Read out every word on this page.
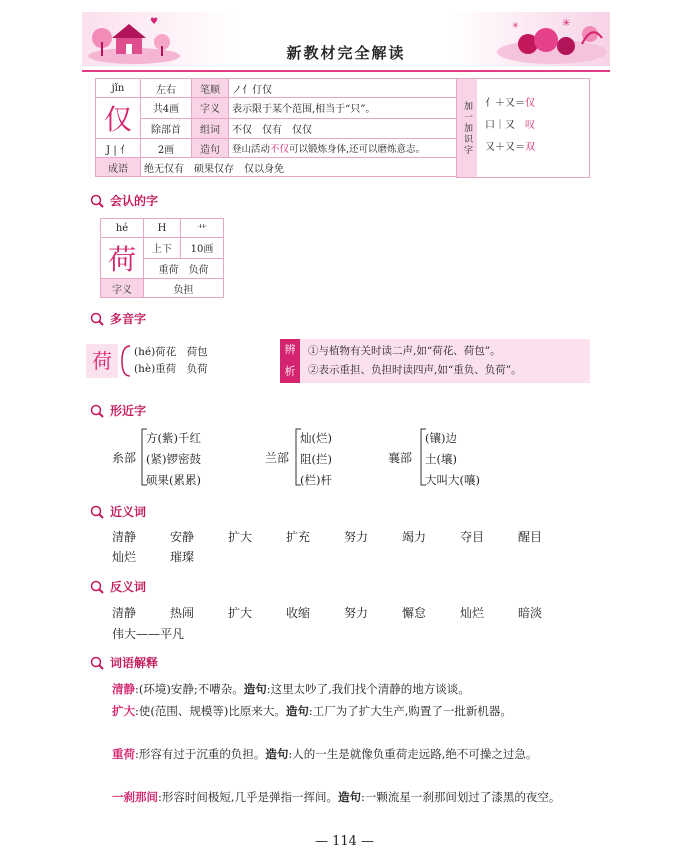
♥	✳
✳
新教材完全解读
jǐn	左右	笔顺	ノ亻仃仅
仅	共4画	字义	表示限于某个范围,相当于“只”。
	除部首	组词	不仅　仅有　仅仅
J | 亻	2画	造句	登山活动不仅可以锻炼身体,还可以磨炼意志。
成语	绝无仅有　硕果仅存　仅以身免		
加一加识字	亻＋又＝仅
口｜又　叹
又＋又＝双
会认的字
hé	H	艹
荷	上下	10画
	重荷　负荷	
字义	负担	
多音字
荷	(hé)荷花　荷包
(hè)重荷　负荷
辨
析
①与植物有关时读二声,如“荷花、荷包”。
②表示重担、负担时读四声,如“重负、负荷”。
形近字
糸部
方(紫)千红
(紧)锣密鼓
硕果(累累)
兰部
灿(烂)
阻(拦)
(栏)杆
襄部
(镶)边
土(壤)
大叫大(嚷)
近义词
清静	安静	扩大	扩充	努力	竭力	夺目	醒目
灿烂	璀璨
反义词
清静	热闹	扩大	收缩	努力	懈怠	灿烂	暗淡
伟大——平凡
词语解释
清静:(环境)安静;不嘈杂。造句:这里太吵了,我们找个清静的地方谈谈。
扩大:使(范围、规模等)比原来大。造句:工厂为了扩大生产,购置了一批新机器。
重荷:形容有过于沉重的负担。造句:人的一生是就像负重荷走远路,绝不可操之过急。
一刹那间:形容时间极短,几乎是弹指一挥间。造句:一颗流星一刹那间划过了漆黑的夜空。
— 114 —
